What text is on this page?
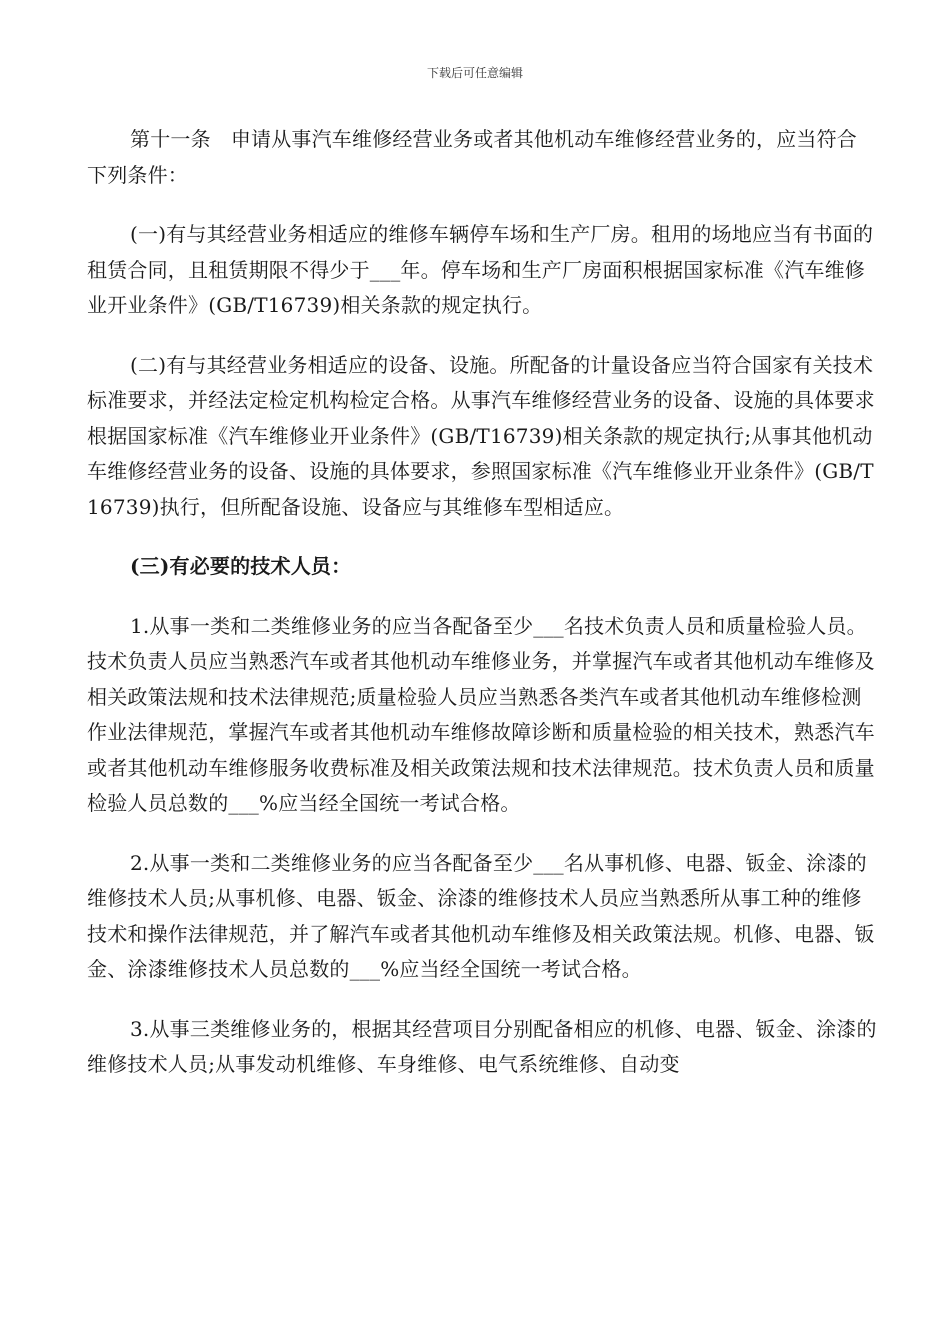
下载后可任意编辑

第十一条 申请从事汽车维修经营业务或者其他机动车维修经营业务的，应当符合下列条件：

(一)有与其经营业务相适应的维修车辆停车场和生产厂房。租用的场地应当有书面的租赁合同，且租赁期限不得少于___年。停车场和生产厂房面积根据国家标准《汽车维修业开业条件》(GB/T16739)相关条款的规定执行。

(二)有与其经营业务相适应的设备、设施。所配备的计量设备应当符合国家有关技术标准要求，并经法定检定机构检定合格。从事汽车维修经营业务的设备、设施的具体要求根据国家标准《汽车维修业开业条件》(GB/T16739)相关条款的规定执行;从事其他机动车维修经营业务的设备、设施的具体要求，参照国家标准《汽车维修业开业条件》(GB/T16739)执行，但所配备设施、设备应与其维修车型相适应。

(三)有必要的技术人员：

1.从事一类和二类维修业务的应当各配备至少___名技术负责人员和质量检验人员。技术负责人员应当熟悉汽车或者其他机动车维修业务，并掌握汽车或者其他机动车维修及相关政策法规和技术法律规范;质量检验人员应当熟悉各类汽车或者其他机动车维修检测作业法律规范，掌握汽车或者其他机动车维修故障诊断和质量检验的相关技术，熟悉汽车或者其他机动车维修服务收费标准及相关政策法规和技术法律规范。技术负责人员和质量检验人员总数的___%应当经全国统一考试合格。

2.从事一类和二类维修业务的应当各配备至少___名从事机修、电器、钣金、涂漆的维修技术人员;从事机修、电器、钣金、涂漆的维修技术人员应当熟悉所从事工种的维修技术和操作法律规范，并了解汽车或者其他机动车维修及相关政策法规。机修、电器、钣金、涂漆维修技术人员总数的___%应当经全国统一考试合格。

3.从事三类维修业务的，根据其经营项目分别配备相应的机修、电器、钣金、涂漆的维修技术人员;从事发动机维修、车身维修、电气系统维修、自动变
